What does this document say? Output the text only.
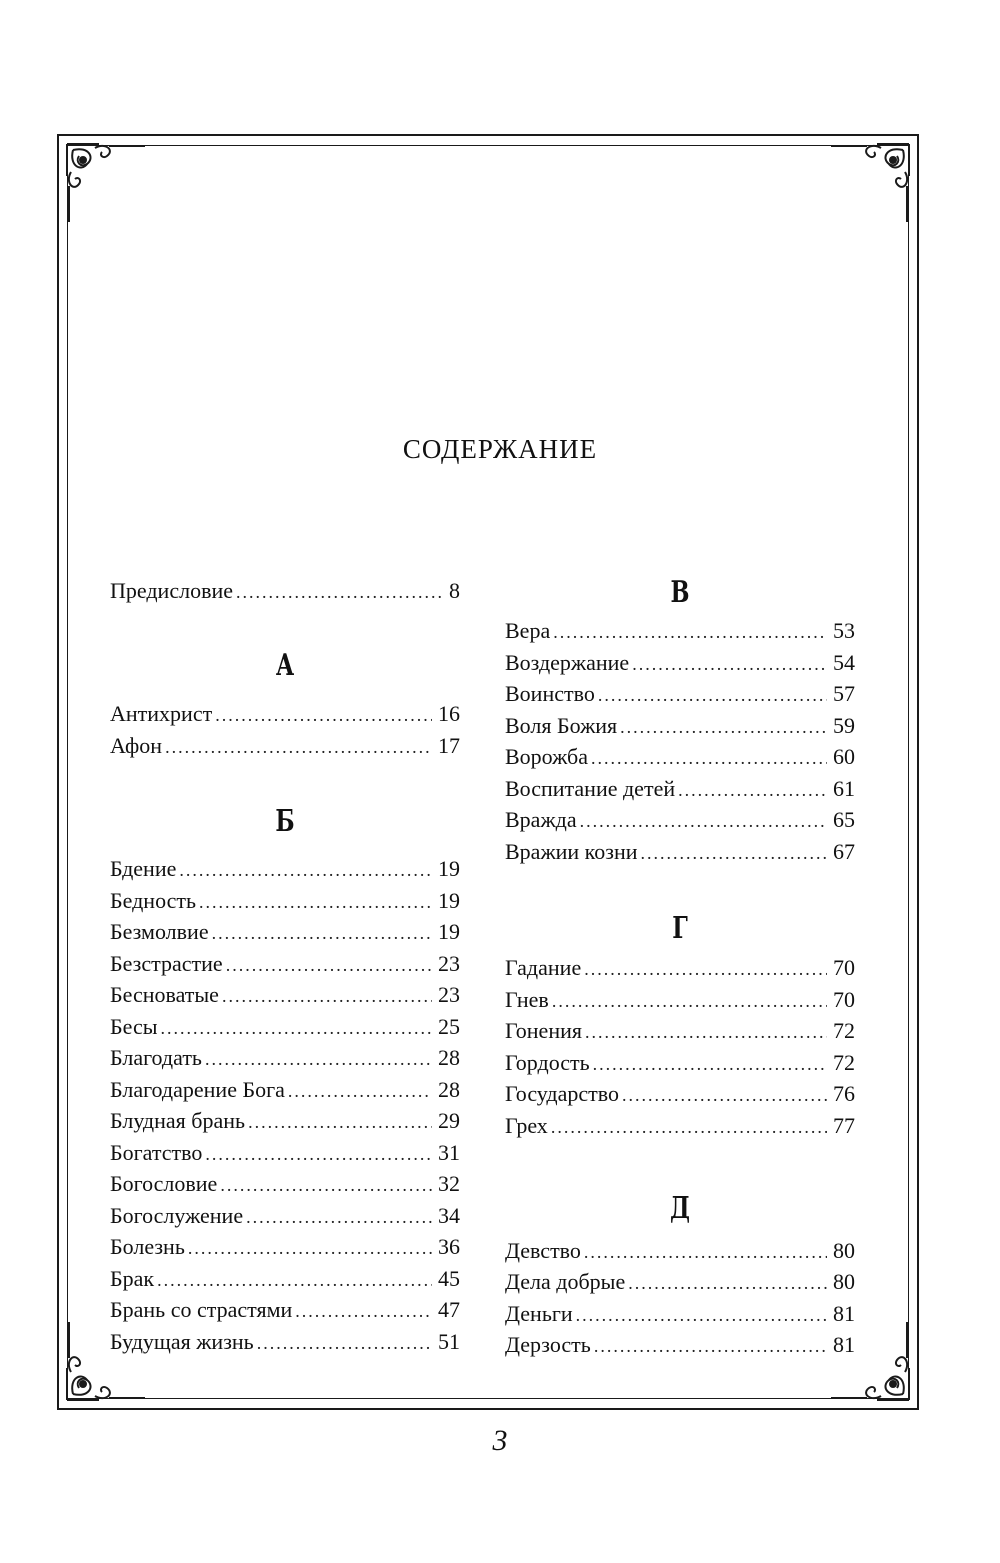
СОДЕРЖАНИЕ
Предисловие .....	8
А
Антихрист .....	16
Афон .....	17
Б
Бдение .....	19
Бедность .....	19
Безмолвие .....	19
Безстрастие .....	23
Бесноватые .....	23
Бесы .....	25
Благодать .....	28
Благодарение Бога .....	28
Блудная брань .....	29
Богатство .....	31
Богословие .....	32
Богослужение .....	34
Болезнь .....	36
Брак .....	45
Брань со страстями .....	47
Будущая жизнь .....	51
В
Вера .....	53
Воздержание .....	54
Воинство .....	57
Воля Божия .....	59
Ворожба .....	60
Воспитание детей .....	61
Вражда .....	65
Вражии козни .....	67
Г
Гадание .....	70
Гнев .....	70
Гонения .....	72
Гордость .....	72
Государство .....	76
Грех .....	77
Д
Девство .....	80
Дела добрые .....	80
Деньги .....	81
Дерзость .....	81
3
